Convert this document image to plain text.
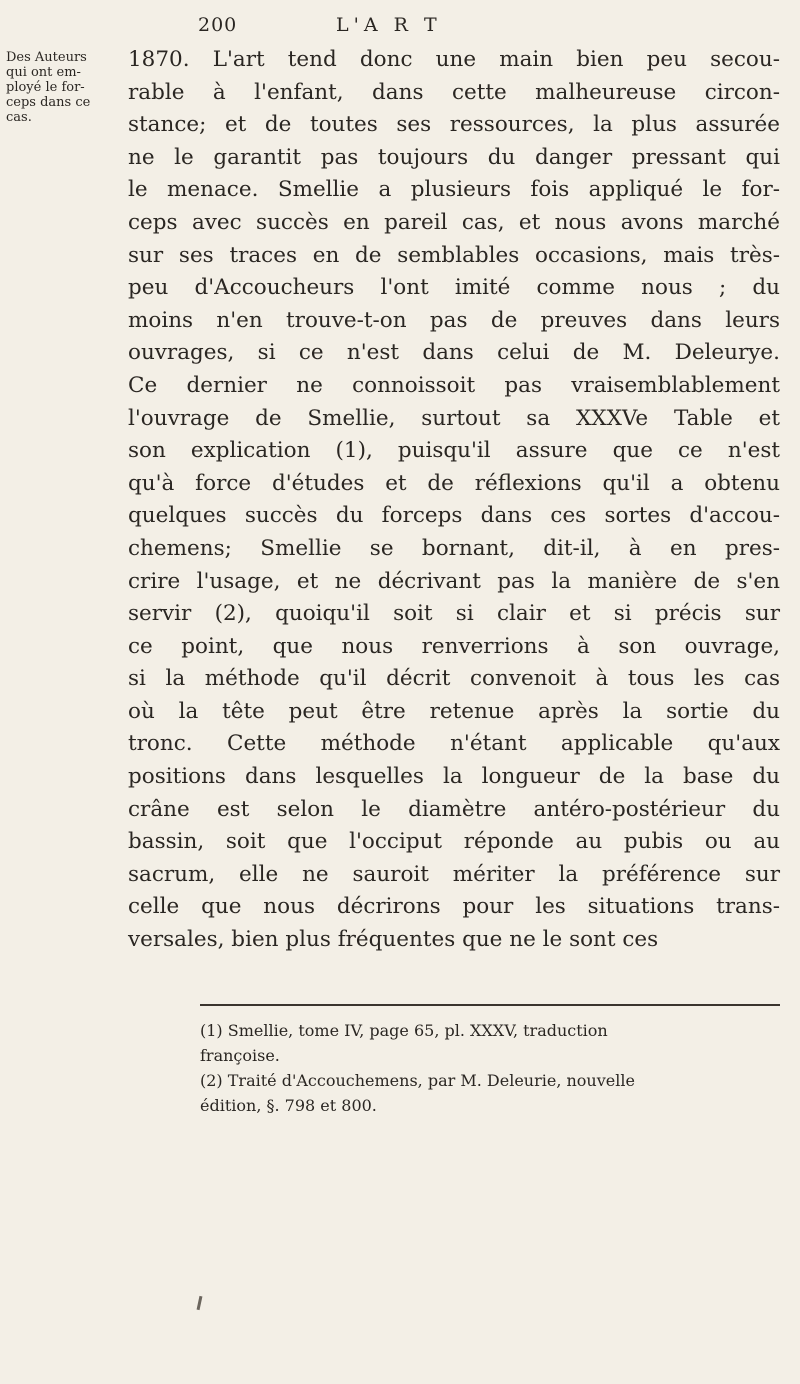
200	L'A R T
Des Auteurs
qui ont em-
ployé le for-
ceps dans ce
cas.
1870. L'art tend donc une main bien peu secou-
rable à l'enfant, dans cette malheureuse circon-
stance; et de toutes ses ressources, la plus assurée
ne le garantit pas toujours du danger pressant qui
le menace. Smellie a plusieurs fois appliqué le for-
ceps avec succès en pareil cas, et nous avons marché
sur ses traces en de semblables occasions, mais très-
peu d'Accoucheurs l'ont imité comme nous ; du
moins n'en trouve-t-on pas de preuves dans leurs
ouvrages, si ce n'est dans celui de M. Deleurye.
Ce dernier ne connoissoit pas vraisemblablement
l'ouvrage de Smellie, surtout sa XXXVe Table et
son explication (1), puisqu'il assure que ce n'est
qu'à force d'études et de réflexions qu'il a obtenu
quelques succès du forceps dans ces sortes d'accou-
chemens; Smellie se bornant, dit-il, à en pres-
crire l'usage, et ne décrivant pas la manière de s'en
servir (2), quoiqu'il soit si clair et si précis sur
ce point, que nous renverrions à son ouvrage,
si la méthode qu'il décrit convenoit à tous les cas
où la tête peut être retenue après la sortie du
tronc. Cette méthode n'étant applicable qu'aux
positions dans lesquelles la longueur de la base du
crâne est selon le diamètre antéro-postérieur du
bassin, soit que l'occiput réponde au pubis ou au
sacrum, elle ne sauroit mériter la préférence sur
celle que nous décrirons pour les situations trans-
versales, bien plus fréquentes que ne le sont ces
(1) Smellie, tome IV, page 65, pl. XXXV, traduction
françoise.
(2) Traité d'Accouchemens, par M. Deleurie, nouvelle
édition, §. 798 et 800.
